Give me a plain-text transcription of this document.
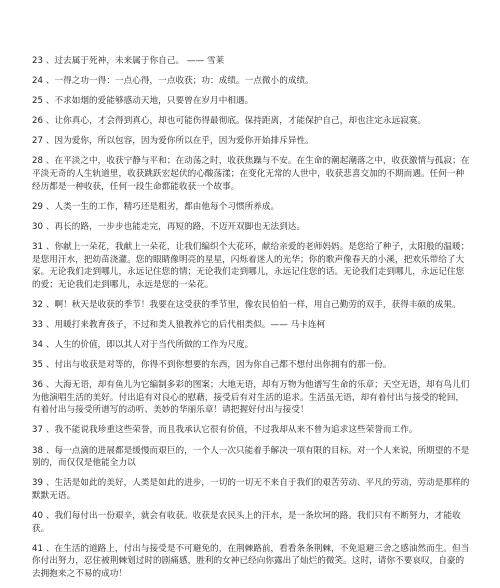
23 、过去属于死神，未来属于你自己。 —— 雪莱

24 、一得之功一得：一点心得，一点收获；功：成绩。一点微小的成绩。

25 、不求如烟的爱能够感动天地，只要曾在岁月中相遇。

26 、让你真心，才会得到真心，却也可能伤得最彻底。保持距离，才能保护自己，却也注定永远寂寞。

27 、因为爱你，所以包容，因为爱你所以在乎，因为爱你开始排斥异性。

28 、在平淡之中，收获宁静与平和；在动荡之时，收获焦躁与不安。在生命的潮起潮落之中，收获激情与孤寂；在平淡无奇的人生轨道里，收获跳跃宏起伏的心酸荡漾；在变化无常的人世中，收获悲喜交加的不期而遇。任何一种经历都是一种收获，任何一段生命都能收获一个故事。

29 、人类一生的工作，精巧还是粗劣，都由他每个习惯所养成。

30 、再长的路，一步步也能走完，再短的路，不迈开双脚也无法到达。

31 、你献上一朵花，我献上一朵花，让我们编织个大花环，献给亲爱的老师妈妈。是您给了种子，太阳般的温暖；是您用汗水，把幼苗浇灌。您的眼睛像明亮的星星，闪烁着迷人的光华；你的歌声像春天的小溪，把欢乐带给了大家。无论我们走到哪儿，永远记住您的情；无论我们走到哪儿，永远记住您的话。无论我们走到哪儿，永远记住您的爱；无论我们走到哪儿，永远是您的一朵花。

32 、啊！秋天是收获的季节！我要在这受获的季节里，像农民伯伯一样，用自己勤劳的双手，获得丰硕的成果。

33 、用暖打来教育孩子，不过和类人狼教养它的后代相类似。—— 马卡连柯

34 、人生的价值，即以其人对于当代所做的工作为尺度。

35 、付出与收获是对等的，你得不到你想要的东西，因为你自己都不想付出你拥有的那一份。

36 、大海无语，却有鱼儿为它编制多彩的图案；大地无语，却有万物为他谱写生命的乐章；天空无语，却有鸟儿们为他演唱生活的美好。付出追有对良心的慰藉，接受后有对生活的追求。生活虽无语，却有着付出与接受的轮回，有着付出与接受所谱写的动听、美妙的华丽乐章！请把握好付出与接受！

37 、我不能说我珍重这些荣誉，而且我承认它很有价值，不过我却从来不曾为追求这些荣誉而工作。

38 、每一点滴的进展都是缓慢而艰巨的，一个人一次只能着手解决一项有限的目标。对一个人来说，所期望的不是别的，而仅仅是他能全力以

39 、生活是如此的美好，人类是如此的进步，一切的一切无不来自于我们的艰苦劳动、平凡的劳动，劳动是那样的默默无语。

40 、我们每付出一份艰辛，就会有收获。收获是农民头上的汗水，是一条坎坷的路。我们只有不断努力，才能收获。

41 、在生活的道路上，付出与接受是不可避免的，在荆棘路前，看看条条荆棘，不免退避三舍之感油然而生。但当你付出努力，忍住被荆棘划过时的剧痛感，胜利的女神已经向你露出了灿烂的微笑。这时，请你不要哀叹，自豪的去拥抱来之不易的成功！
